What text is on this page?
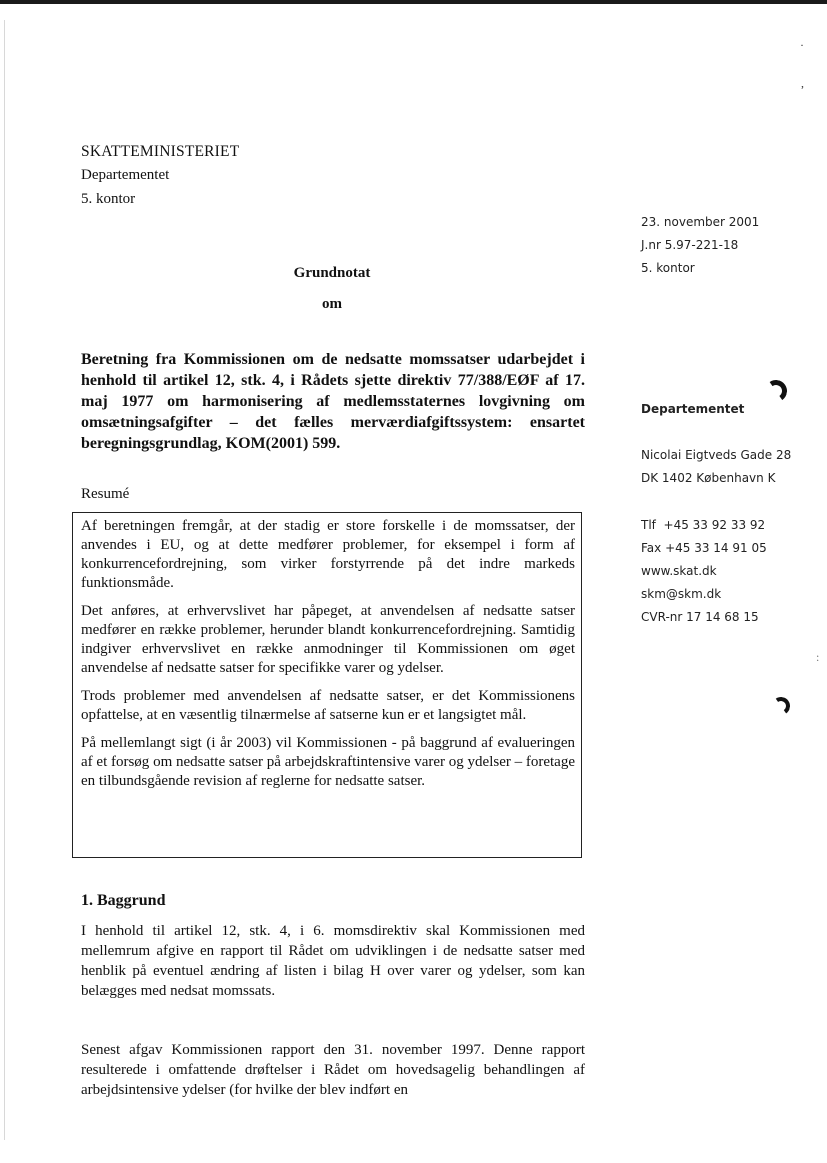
·
,
:
SKATTEMINISTERIET
Departementet
5. kontor
23. november 2001
J.nr 5.97-221-18
5. kontor
Grundnotat
om
Beretning fra Kommissionen om de nedsatte momssatser udarbejdet i henhold til artikel 12, stk. 4, i Rådets sjette direktiv 77/388/EØF af 17. maj 1977 om harmonisering af medlemsstaternes lovgivning om omsætningsafgifter – det fælles merværdiafgiftssystem: ensartet beregningsgrundlag, KOM(2001) 599.
Departementet
Nicolai Eigtveds Gade 28
DK 1402 København K
Tlf  +45 33 92 33 92
Fax +45 33 14 91 05
www.skat.dk
skm@skm.dk
CVR-nr 17 14 68 15
Resumé

Af beretningen fremgår, at der stadig er store forskelle i de momssatser, der anvendes i EU, og at dette medfører problemer, for eksempel i form af konkurrencefordrejning, som virker forstyrrende på det indre markeds funktionsmåde.

Det anføres, at erhvervslivet har påpeget, at anvendelsen af nedsatte satser medfører en række problemer, herunder blandt konkurrencefordrejning. Samtidig indgiver erhvervslivet en række anmodninger til Kommissionen om øget anvendelse af nedsatte satser for specifikke varer og ydelser.

Trods problemer med anvendelsen af nedsatte satser, er det Kommissionens opfattelse, at en væsentlig tilnærmelse af satserne kun er et langsigtet mål.

På mellemlangt sigt (i år 2003) vil Kommissionen - på baggrund af evalueringen af et forsøg om nedsatte satser på arbejdskraftintensive varer og ydelser – foretage en tilbundsgående revision af reglerne for nedsatte satser.

1. Baggrund
I henhold til artikel 12, stk. 4, i 6. momsdirektiv skal Kommissionen med mellemrum afgive en rapport til Rådet om udviklingen i de nedsatte satser med henblik på eventuel ændring af listen i bilag H over varer og ydelser, som kan belægges med nedsat momssats.
Senest afgav Kommissionen rapport den 31. november 1997. Denne rapport resulterede i omfattende drøftelser i Rådet om hovedsagelig behandlingen af arbejdsintensive ydelser (for hvilke der blev indført en
